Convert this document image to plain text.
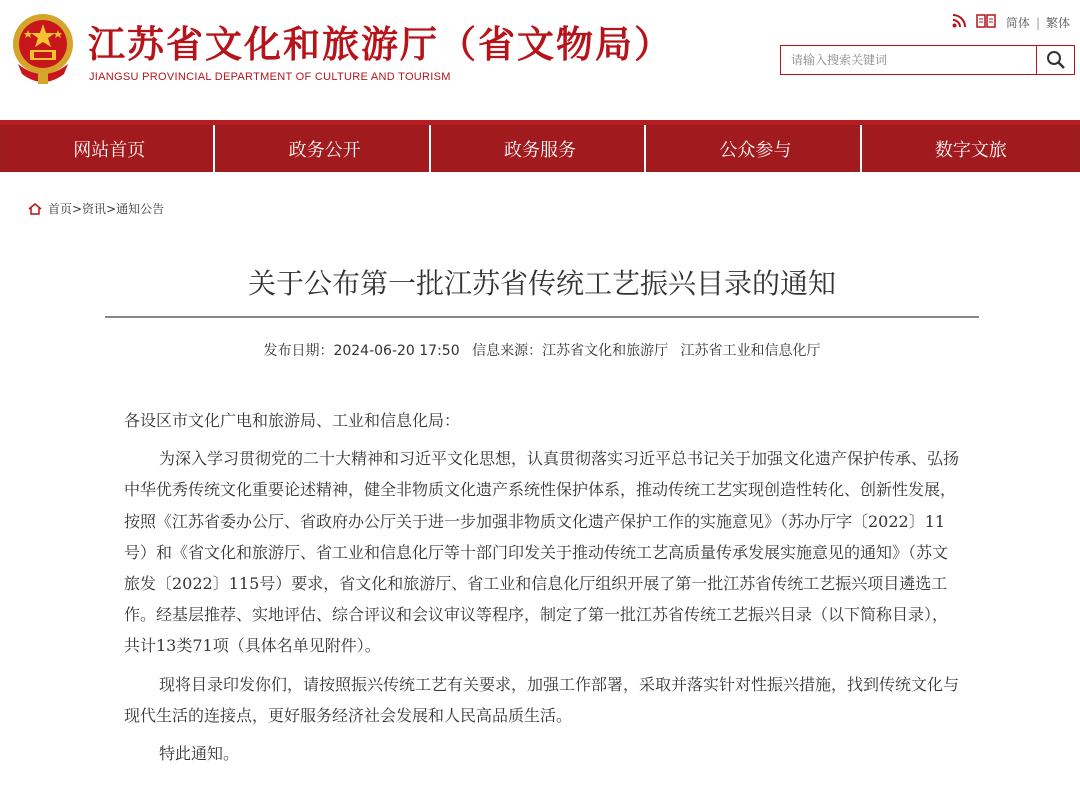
江苏省文化和旅游厅（省文物局）
JIANGSU PROVINCIAL DEPARTMENT OF CULTURE AND TOURISM
简体 | 繁体
请输入搜索关键词
网站首页	政务公开	政务服务	公众参与	数字文旅
首页>资讯>通知公告
关于公布第一批江苏省传统工艺振兴目录的通知
发布日期：2024-06-20 17:50 信息来源：江苏省文化和旅游厅 江苏省工业和信息化厅

各设区市文化广电和旅游局、工业和信息化局：

为深入学习贯彻党的二十大精神和习近平文化思想，认真贯彻落实习近平总书记关于加强文化遗产保护传承、弘扬中华优秀传统文化重要论述精神，健全非物质文化遗产系统性保护体系，推动传统工艺实现创造性转化、创新性发展，按照《江苏省委办公厅、省政府办公厅关于进一步加强非物质文化遗产保护工作的实施意见》（苏办厅字〔2022〕11号）和《省文化和旅游厅、省工业和信息化厅等十部门印发关于推动传统工艺高质量传承发展实施意见的通知》（苏文旅发〔2022〕115号）要求，省文化和旅游厅、省工业和信息化厅组织开展了第一批江苏省传统工艺振兴项目遴选工作。经基层推荐、实地评估、综合评议和会议审议等程序，制定了第一批江苏省传统工艺振兴目录（以下简称目录），共计13类71项（具体名单见附件）。

现将目录印发你们，请按照振兴传统工艺有关要求，加强工作部署，采取并落实针对性振兴措施，找到传统文化与现代生活的连接点，更好服务经济社会发展和人民高品质生活。

特此通知。
